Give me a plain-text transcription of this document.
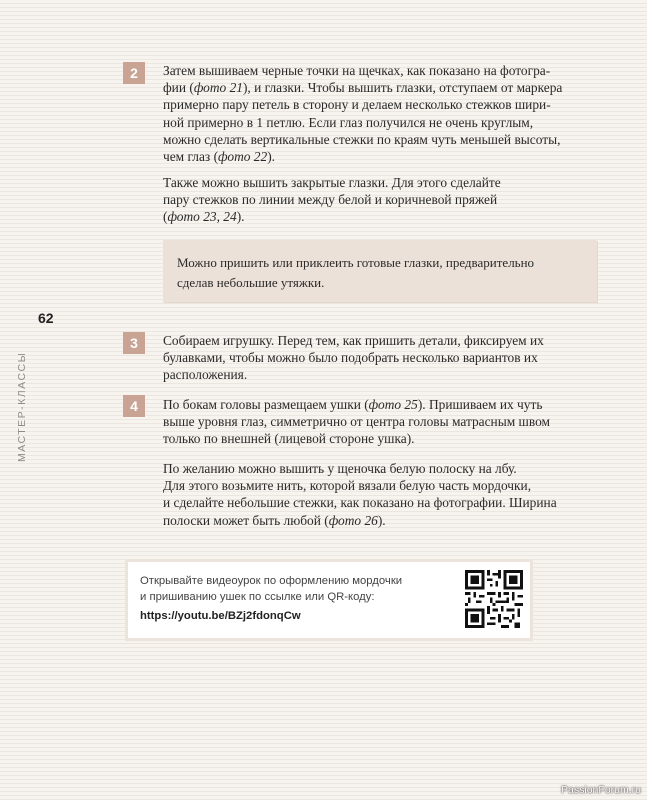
62
МАСТЕР-КЛАССЫ
2	Затем вышиваем черные точки на щечках, как показано на фотогра-
фии (фото 21), и глазки. Чтобы вышить глазки, отступаем от маркера
примерно пару петель в сторону и делаем несколько стежков шири-
ной примерно в 1 петлю. Если глаз получился не очень круглым,
можно сделать вертикальные стежки по краям чуть меньшей высоты,
чем глаз (фото 22).
Также можно вышить закрытые глазки. Для этого сделайте
пару стежков по линии между белой и коричневой пряжей
(фото 23, 24).
Можно пришить или приклеить готовые глазки, предварительно
сделав небольшие утяжки.
3	Собираем игрушку. Перед тем, как пришить детали, фиксируем их булавками, чтобы можно было подобрать несколько вариантов их расположения.
4	По бокам головы размещаем ушки (фото 25). Пришиваем их чуть
выше уровня глаз, симметрично от центра головы матрасным швом
только по внешней (лицевой стороне ушка).
По желанию можно вышить у щеночка белую полоску на лбу.
Для этого возьмите нить, которой вязали белую часть мордочки,
и сделайте небольшие стежки, как показано на фотографии. Ширина
полоски может быть любой (фото 26).
Открывайте видеоурок по оформлению мордочки
и пришиванию ушек по ссылке или QR-коду:
https://youtu.be/BZj2fdonqCw
PassionForum.ru
